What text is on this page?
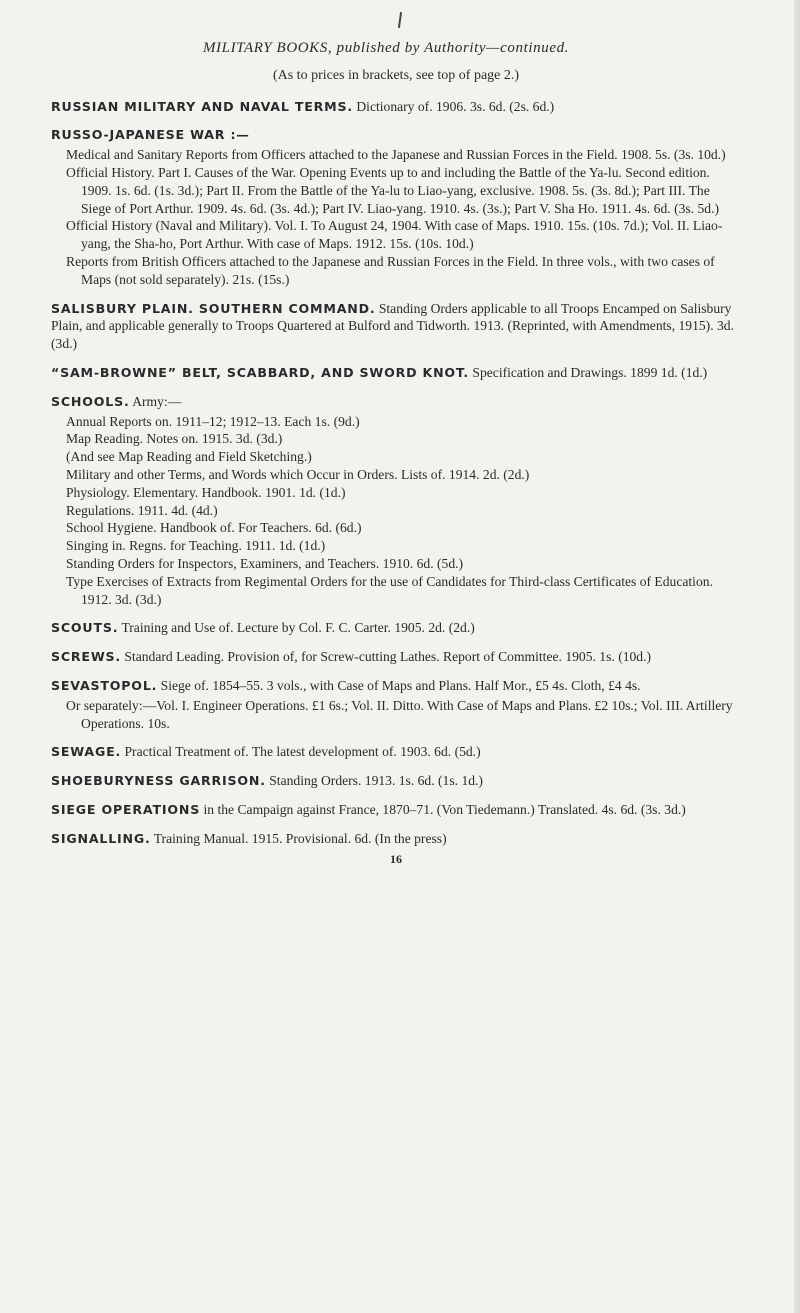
MILITARY BOOKS, published by Authority—continued.
(As to prices in brackets, see top of page 2.)

RUSSIAN MILITARY AND NAVAL TERMS. Dictionary of. 1906. 3s. 6d. (2s. 6d.)

RUSSO-JAPANESE WAR :—

Medical and Sanitary Reports from Officers attached to the Japanese and Russian Forces in the Field. 1908. 5s. (3s. 10d.)

Official History. Part I. Causes of the War. Opening Events up to and including the Battle of the Ya-lu. Second edition. 1909. 1s. 6d. (1s. 3d.); Part II. From the Battle of the Ya-lu to Liao-yang, exclusive. 1908. 5s. (3s. 8d.); Part III. The Siege of Port Arthur. 1909. 4s. 6d. (3s. 4d.); Part IV. Liao-yang. 1910. 4s. (3s.); Part V. Sha Ho. 1911. 4s. 6d. (3s. 5d.)

Official History (Naval and Military). Vol. I. To August 24, 1904. With case of Maps. 1910. 15s. (10s. 7d.); Vol. II. Liao-yang, the Sha-ho, Port Arthur. With case of Maps. 1912. 15s. (10s. 10d.)

Reports from British Officers attached to the Japanese and Russian Forces in the Field. In three vols., with two cases of Maps (not sold separately). 21s. (15s.)

SALISBURY PLAIN. SOUTHERN COMMAND. Standing Orders applicable to all Troops Encamped on Salisbury Plain, and applicable generally to Troops Quartered at Bulford and Tidworth. 1913. (Reprinted, with Amendments, 1915). 3d. (3d.)

“SAM-BROWNE” BELT, SCABBARD, AND SWORD KNOT. Specification and Drawings. 1899 1d. (1d.)

SCHOOLS. Army:—

Annual Reports on. 1911–12; 1912–13. Each 1s. (9d.)

Map Reading. Notes on. 1915. 3d. (3d.)

(And see Map Reading and Field Sketching.)

Military and other Terms, and Words which Occur in Orders. Lists of. 1914. 2d. (2d.)

Physiology. Elementary. Handbook. 1901. 1d. (1d.)

Regulations. 1911. 4d. (4d.)

School Hygiene. Handbook of. For Teachers. 6d. (6d.)

Singing in. Regns. for Teaching. 1911. 1d. (1d.)

Standing Orders for Inspectors, Examiners, and Teachers. 1910. 6d. (5d.)

Type Exercises of Extracts from Regimental Orders for the use of Candidates for Third-class Certificates of Education. 1912. 3d. (3d.)

SCOUTS. Training and Use of. Lecture by Col. F. C. Carter. 1905. 2d. (2d.)

SCREWS. Standard Leading. Provision of, for Screw-cutting Lathes. Report of Committee. 1905. 1s. (10d.)

SEVASTOPOL. Siege of. 1854–55. 3 vols., with Case of Maps and Plans. Half Mor., £5 4s. Cloth, £4 4s.

Or separately:—Vol. I. Engineer Operations. £1 6s.; Vol. II. Ditto. With Case of Maps and Plans. £2 10s.; Vol. III. Artillery Operations. 10s.

SEWAGE. Practical Treatment of. The latest development of. 1903. 6d. (5d.)

SHOEBURYNESS GARRISON. Standing Orders. 1913. 1s. 6d. (1s. 1d.)

SIEGE OPERATIONS in the Campaign against France, 1870–71. (Von Tiedemann.) Translated. 4s. 6d. (3s. 3d.)

SIGNALLING. Training Manual. 1915. Provisional. 6d. (In the press)

16
